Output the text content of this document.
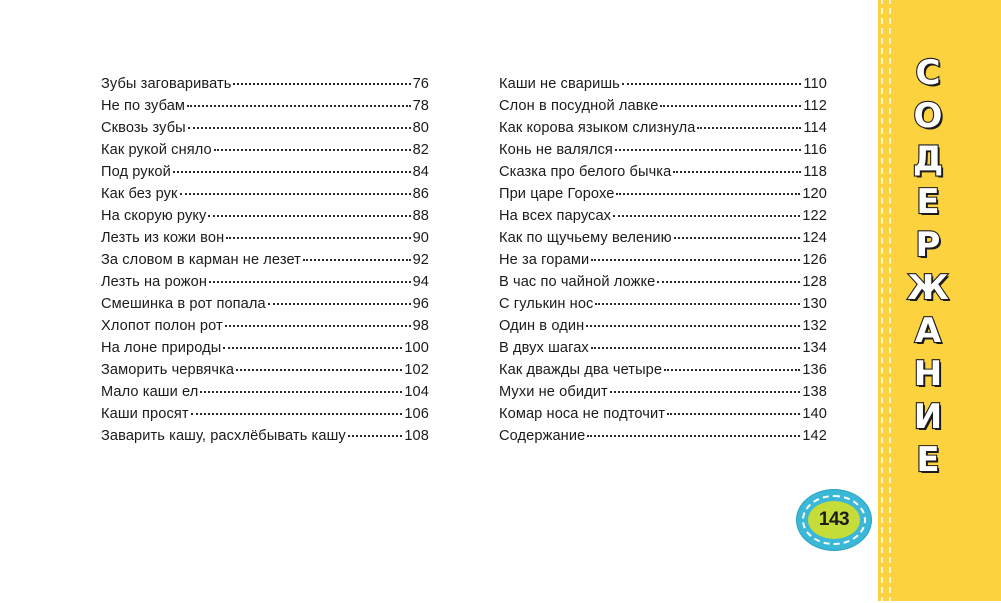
Зубы заговаривать	76
Не по зубам	78
Сквозь зубы	80
Как рукой сняло	82
Под рукой	84
Как без рук	86
На скорую руку	88
Лезть из кожи вон	90
За словом в карман не лезет	92
Лезть на рожон	94
Смешинка в рот попала	96
Хлопот полон рот	98
На лоне природы	100
Заморить червячка	102
Мало каши ел	104
Каши просят	106
Заварить кашу, расхлёбывать кашу	108
Каши не сваришь	110
Слон в посудной лавке	112
Как корова языком слизнула	114
Конь не валялся	116
Сказка про белого бычка	118
При царе Горохе	120
На всех парусах	122
Как по щучьему велению	124
Не за горами	126
В час по чайной ложке	128
С гулькин нос	130
Один в один	132
В двух шагах	134
Как дважды два четыре	136
Мухи не обидит	138
Комар носа не подточит	140
Содержание	142
С
О
Д
Е
Р
Ж
А
Н
И
Е
143
